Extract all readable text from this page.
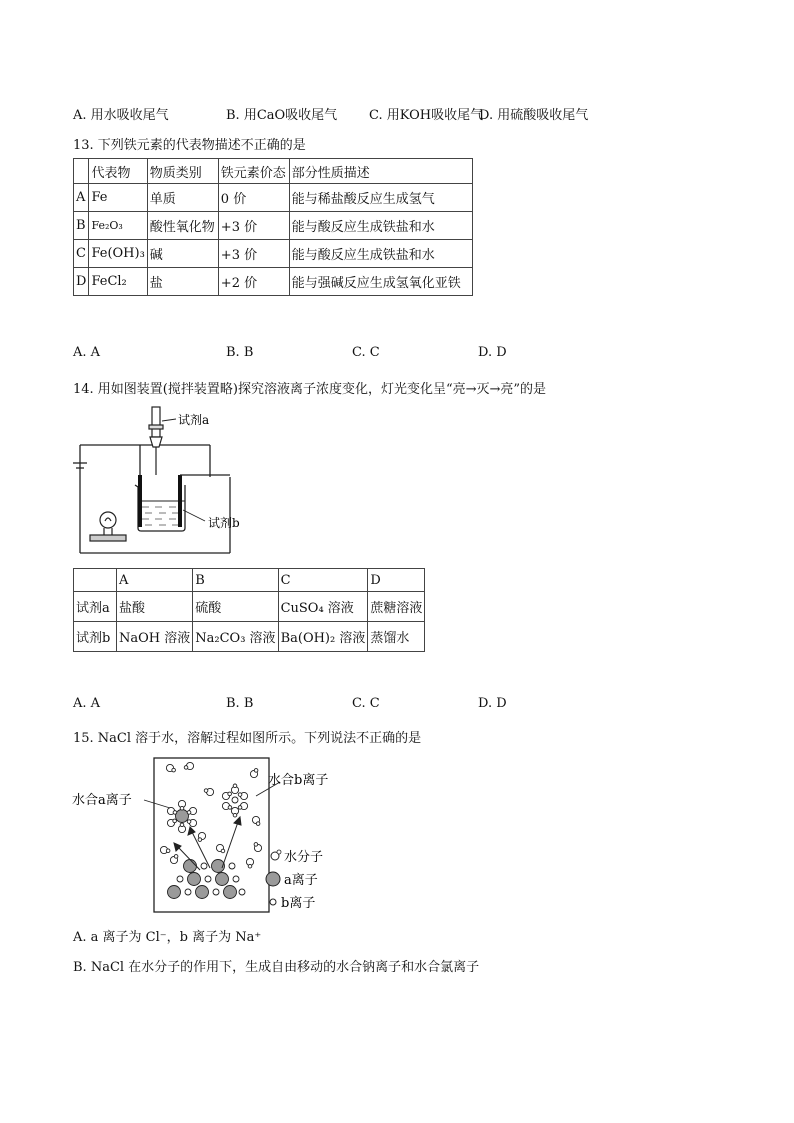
A. 用水吸收尾气	B. 用CaO吸收尾气 C. 用KOH吸收尾气
D. 用硫酸吸收尾气
13. 下列铁元素的代表物描述不正确的是
	代表物	物质类别	铁元素价态	部分性质描述
A	Fe	单质	0 价	能与稀盐酸反应生成氢气
B	Fe₂O₃	酸性氧化物	+3 价	能与酸反应生成铁盐和水
C	Fe(OH)₃	碱	+3 价	能与酸反应生成铁盐和水
D	FeCl₂	盐	+2 价	能与强碱反应生成氢氧化亚铁
A. A	B. B	C. C	D. D
14. 用如图装置(搅拌装置略)探究溶液离子浓度变化，灯光变化呈“亮→灭→亮”的是
试剂a
试剂b
	A	B	C	D
试剂a	盐酸	硫酸	CuSO₄ 溶液	蔗糖溶液
试剂b	NaOH 溶液	Na₂CO₃ 溶液	Ba(OH)₂ 溶液	蒸馏水
A. A	B. B	C. C	D. D
15. NaCl 溶于水，溶解过程如图所示。下列说法不正确的是
水合a离子
水合b离子
水分子
a离子
b离子
A. a 离子为 Cl⁻，b 离子为 Na⁺
B. NaCl 在水分子的作用下，生成自由移动的水合钠离子和水合氯离子
